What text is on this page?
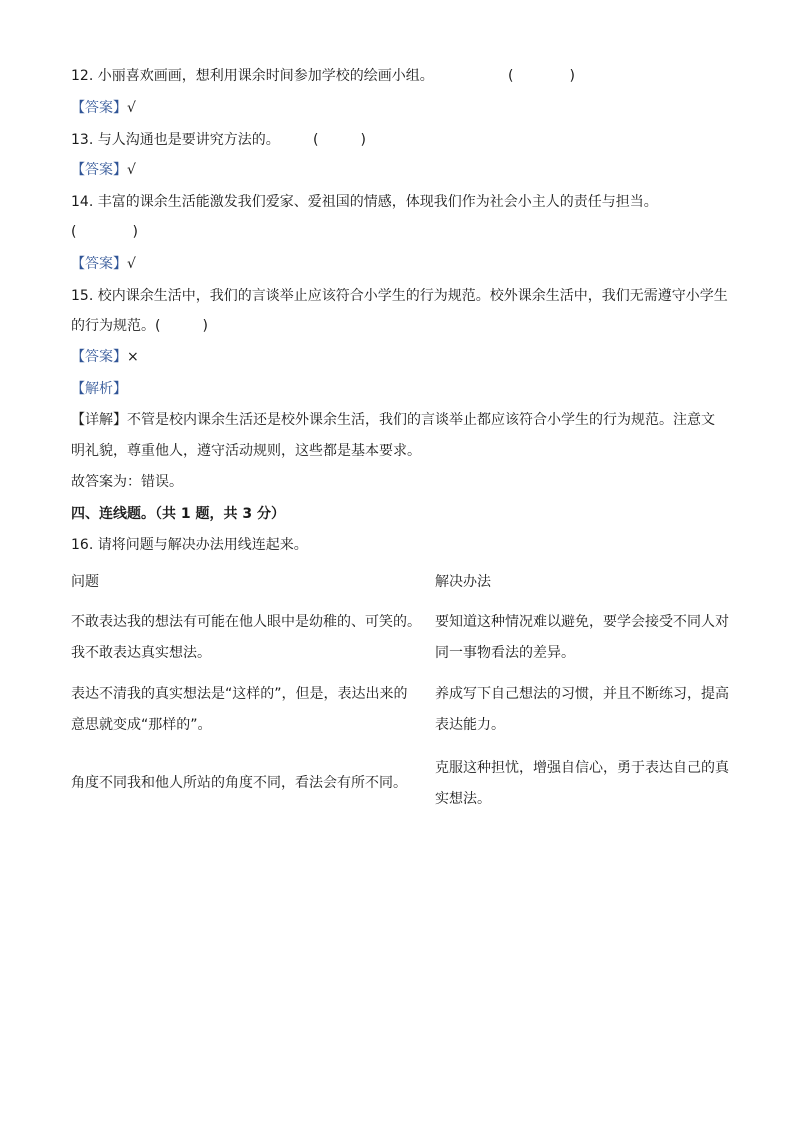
12. 小丽喜欢画画，想利用课余时间参加学校的绘画小组。	(　　　　)
【答案】√
13. 与人沟通也是要讲究方法的。 (　　　)
【答案】√
14. 丰富的课余生活能激发我们爱家、爱祖国的情感，体现我们作为社会小主人的责任与担当。
(　　　　)
【答案】√
15. 校内课余生活中，我们的言谈举止应该符合小学生的行为规范。校外课余生活中，我们无需遵守小学生
的行为规范。(　　　)
【答案】×
【解析】
【详解】不管是校内课余生活还是校外课余生活，我们的言谈举止都应该符合小学生的行为规范。注意文
明礼貌，尊重他人，遵守活动规则，这些都是基本要求。
故答案为：错误。
四、连线题。（共 1 题，共 3 分）
16. 请将问题与解决办法用线连起来。
问题	解决办法
不敢表达我的想法有可能在他人眼中是幼稚的、可笑的。
我不敢表达真实想法。
表达不清我的真实想法是“这样的”，但是，表达出来的
意思就变成“那样的”。
角度不同我和他人所站的角度不同，看法会有所不同。
要知道这种情况难以避免，要学会接受不同人对
同一事物看法的差异。
养成写下自己想法的习惯，并且不断练习，提高
表达能力。
克服这种担忧，增强自信心，勇于表达自己的真
实想法。
